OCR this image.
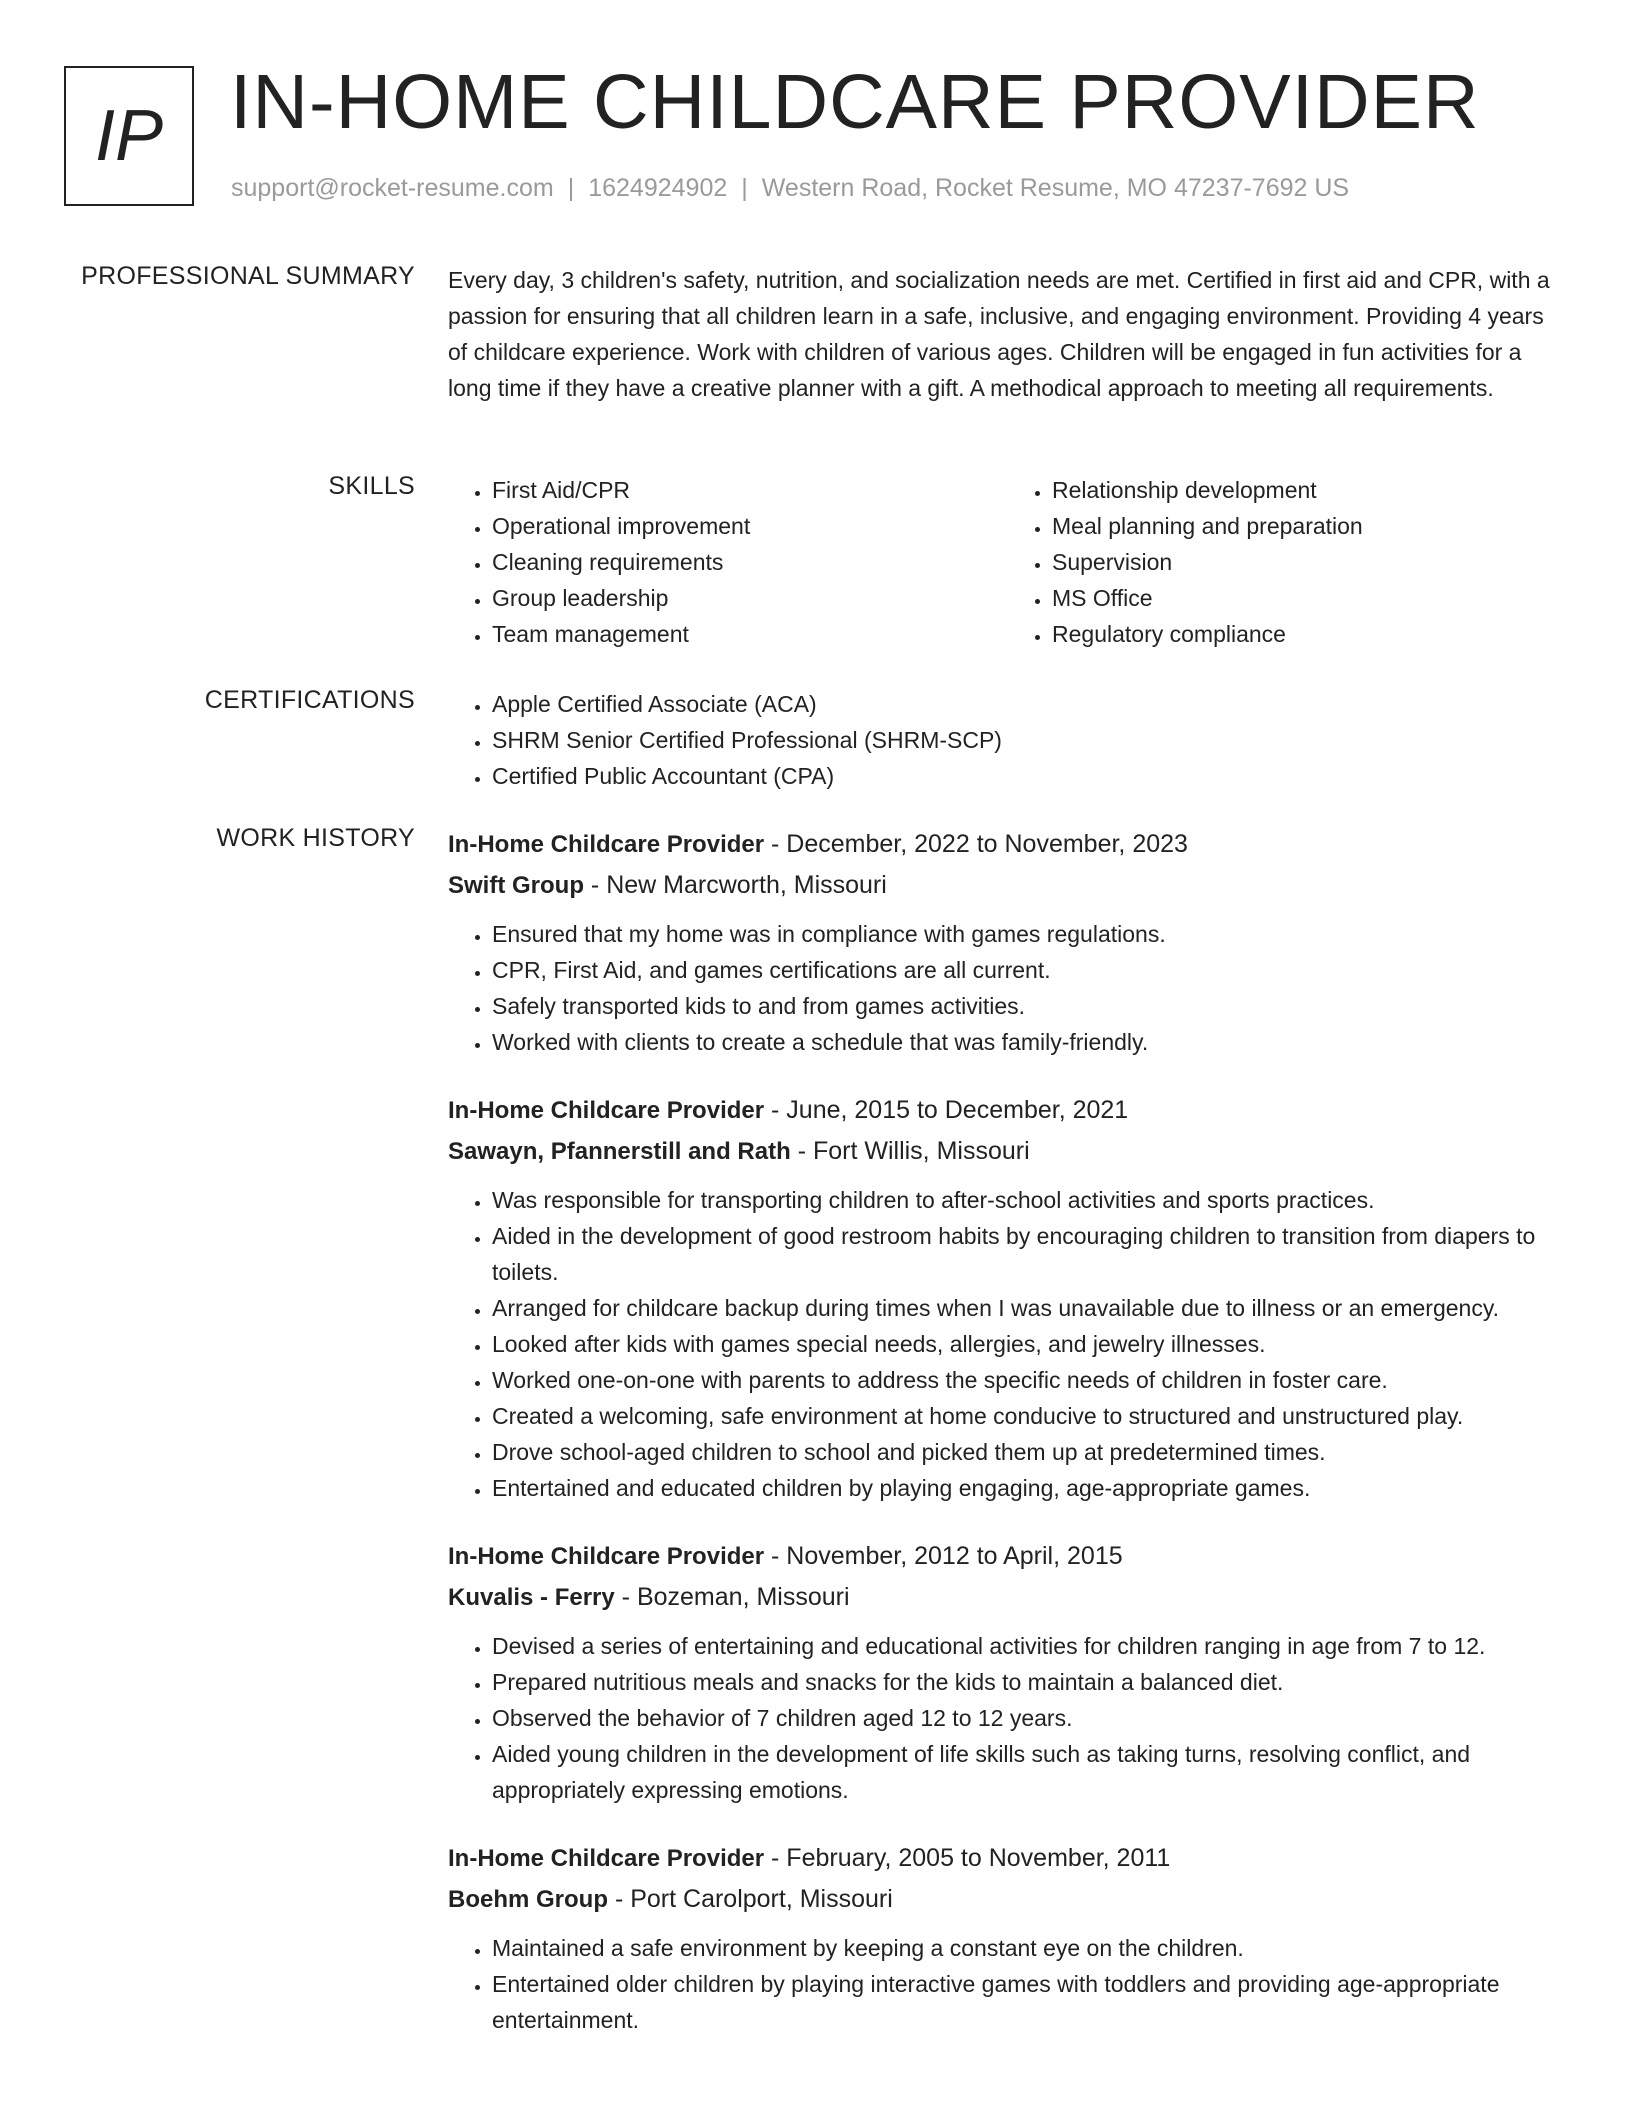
IP IN-HOME CHILDCARE PROVIDER
support@rocket-resume.com | 1624924902 | Western Road, Rocket Resume, MO 47237-7692 US
PROFESSIONAL SUMMARY Every day, 3 children's safety, nutrition, and socialization needs are met. Certified in first aid and CPR, with a passion for ensuring that all children learn in a safe, inclusive, and engaging environment. Providing 4 years of childcare experience. Work with children of various ages. Children will be engaged in fun activities for a long time if they have a creative planner with a gift. A methodical approach to meeting all requirements.

SKILLS	• First Aid/CPR
• Operational improvement
• Cleaning requirements
• Group leadership
• Team management
• Relationship development
• Meal planning and preparation
• Supervision
• MS Office
• Regulatory compliance
CERTIFICATIONS	• Apple Certified Associate (ACA)
• SHRM Senior Certified Professional (SHRM-SCP)
• Certified Public Accountant (CPA)
WORK HISTORY In-Home Childcare Provider - December, 2022 to November, 2023
Swift Group - New Marcworth, Missouri
• Ensured that my home was in compliance with games regulations.
• CPR, First Aid, and games certifications are all current.
• Safely transported kids to and from games activities.
• Worked with clients to create a schedule that was family-friendly.
In-Home Childcare Provider - June, 2015 to December, 2021
Sawayn, Pfannerstill and Rath - Fort Willis, Missouri
• Was responsible for transporting children to after-school activities and sports practices.
• Aided in the development of good restroom habits by encouraging children to transition from diapers to toilets.
• Arranged for childcare backup during times when I was unavailable due to illness or an emergency.
• Looked after kids with games special needs, allergies, and jewelry illnesses.
• Worked one-on-one with parents to address the specific needs of children in foster care.
• Created a welcoming, safe environment at home conducive to structured and unstructured play.
• Drove school-aged children to school and picked them up at predetermined times.
• Entertained and educated children by playing engaging, age-appropriate games.
In-Home Childcare Provider - November, 2012 to April, 2015
Kuvalis - Ferry - Bozeman, Missouri
• Devised a series of entertaining and educational activities for children ranging in age from 7 to 12.
• Prepared nutritious meals and snacks for the kids to maintain a balanced diet.
• Observed the behavior of 7 children aged 12 to 12 years.
• Aided young children in the development of life skills such as taking turns, resolving conflict, and appropriately expressing emotions.
In-Home Childcare Provider - February, 2005 to November, 2011
Boehm Group - Port Carolport, Missouri
• Maintained a safe environment by keeping a constant eye on the children.
• Entertained older children by playing interactive games with toddlers and providing age-appropriate entertainment.
